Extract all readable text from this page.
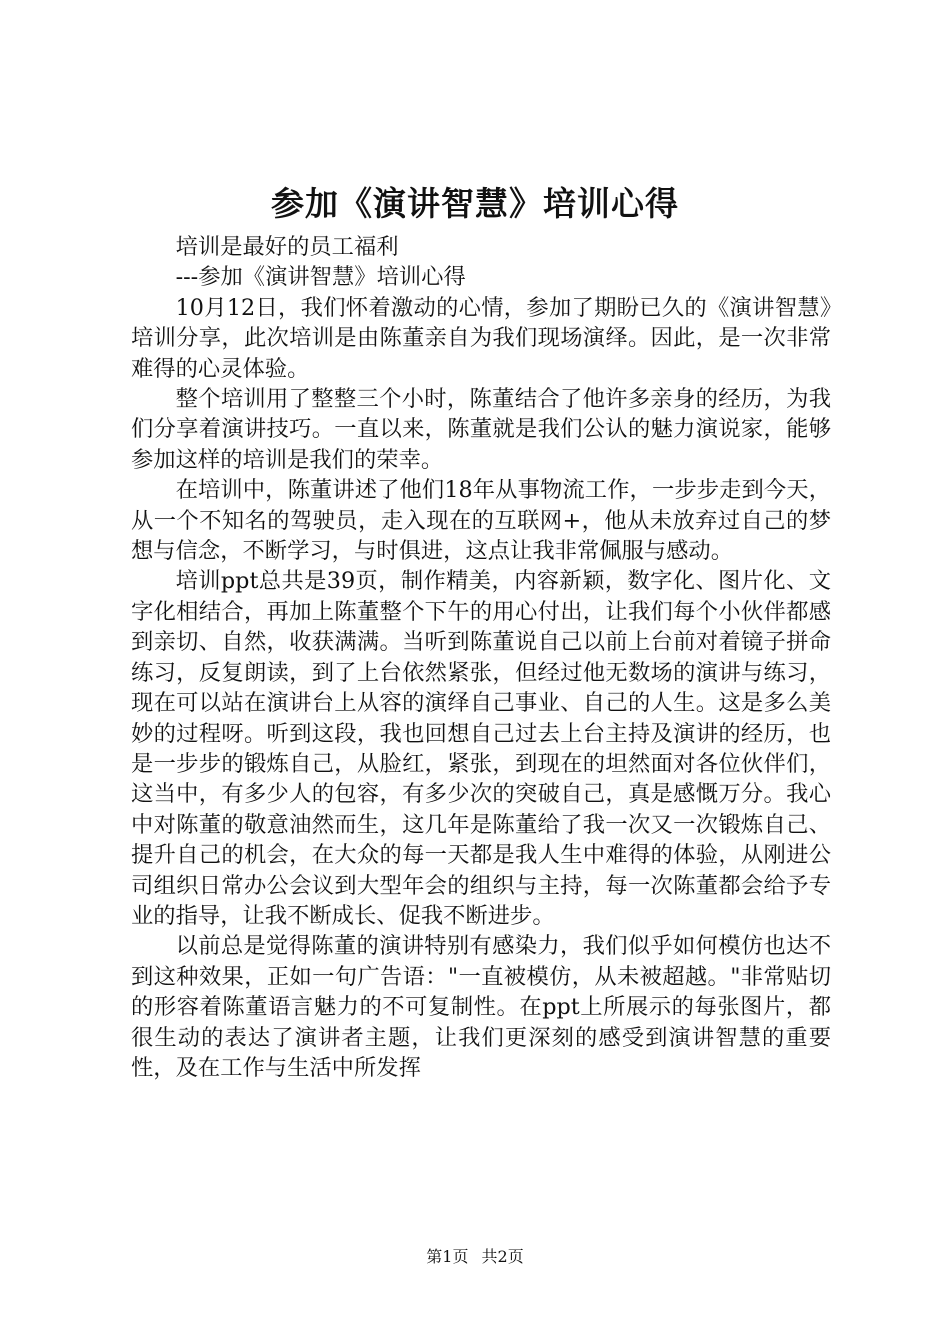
参加《演讲智慧》培训心得

培训是最好的员工福利

---参加《演讲智慧》培训心得

10月12日，我们怀着激动的心情，参加了期盼已久的《演讲智慧》培训分享，此次培训是由陈董亲自为我们现场演绎。因此，是一次非常难得的心灵体验。

整个培训用了整整三个小时，陈董结合了他许多亲身的经历，为我们分享着演讲技巧。一直以来，陈董就是我们公认的魅力演说家，能够参加这样的培训是我们的荣幸。

在培训中，陈董讲述了他们18年从事物流工作，一步步走到今天，从一个不知名的驾驶员，走入现在的互联网+，他从未放弃过自己的梦想与信念，不断学习，与时俱进，这点让我非常佩服与感动。

培训ppt总共是39页，制作精美，内容新颖，数字化、图片化、文字化相结合，再加上陈董整个下午的用心付出，让我们每个小伙伴都感到亲切、自然，收获满满。当听到陈董说自己以前上台前对着镜子拼命练习，反复朗读，到了上台依然紧张，但经过他无数场的演讲与练习，现在可以站在演讲台上从容的演绎自己事业、自己的人生。这是多么美妙的过程呀。听到这段，我也回想自己过去上台主持及演讲的经历，也是一步步的锻炼自己，从脸红，紧张，到现在的坦然面对各位伙伴们，这当中，有多少人的包容，有多少次的突破自己，真是感慨万分。我心中对陈董的敬意油然而生，这几年是陈董给了我一次又一次锻炼自己、提升自己的机会，在大众的每一天都是我人生中难得的体验，从刚进公司组织日常办公会议到大型年会的组织与主持，每一次陈董都会给予专业的指导，让我不断成长、促我不断进步。

以前总是觉得陈董的演讲特别有感染力，我们似乎如何模仿也达不到这种效果，正如一句广告语："一直被模仿，从未被超越。"非常贴切的形容着陈董语言魅力的不可复制性。在ppt上所展示的每张图片，都很生动的表达了演讲者主题，让我们更深刻的感受到演讲智慧的重要性，及在工作与生活中所发挥

第1页 共2页
